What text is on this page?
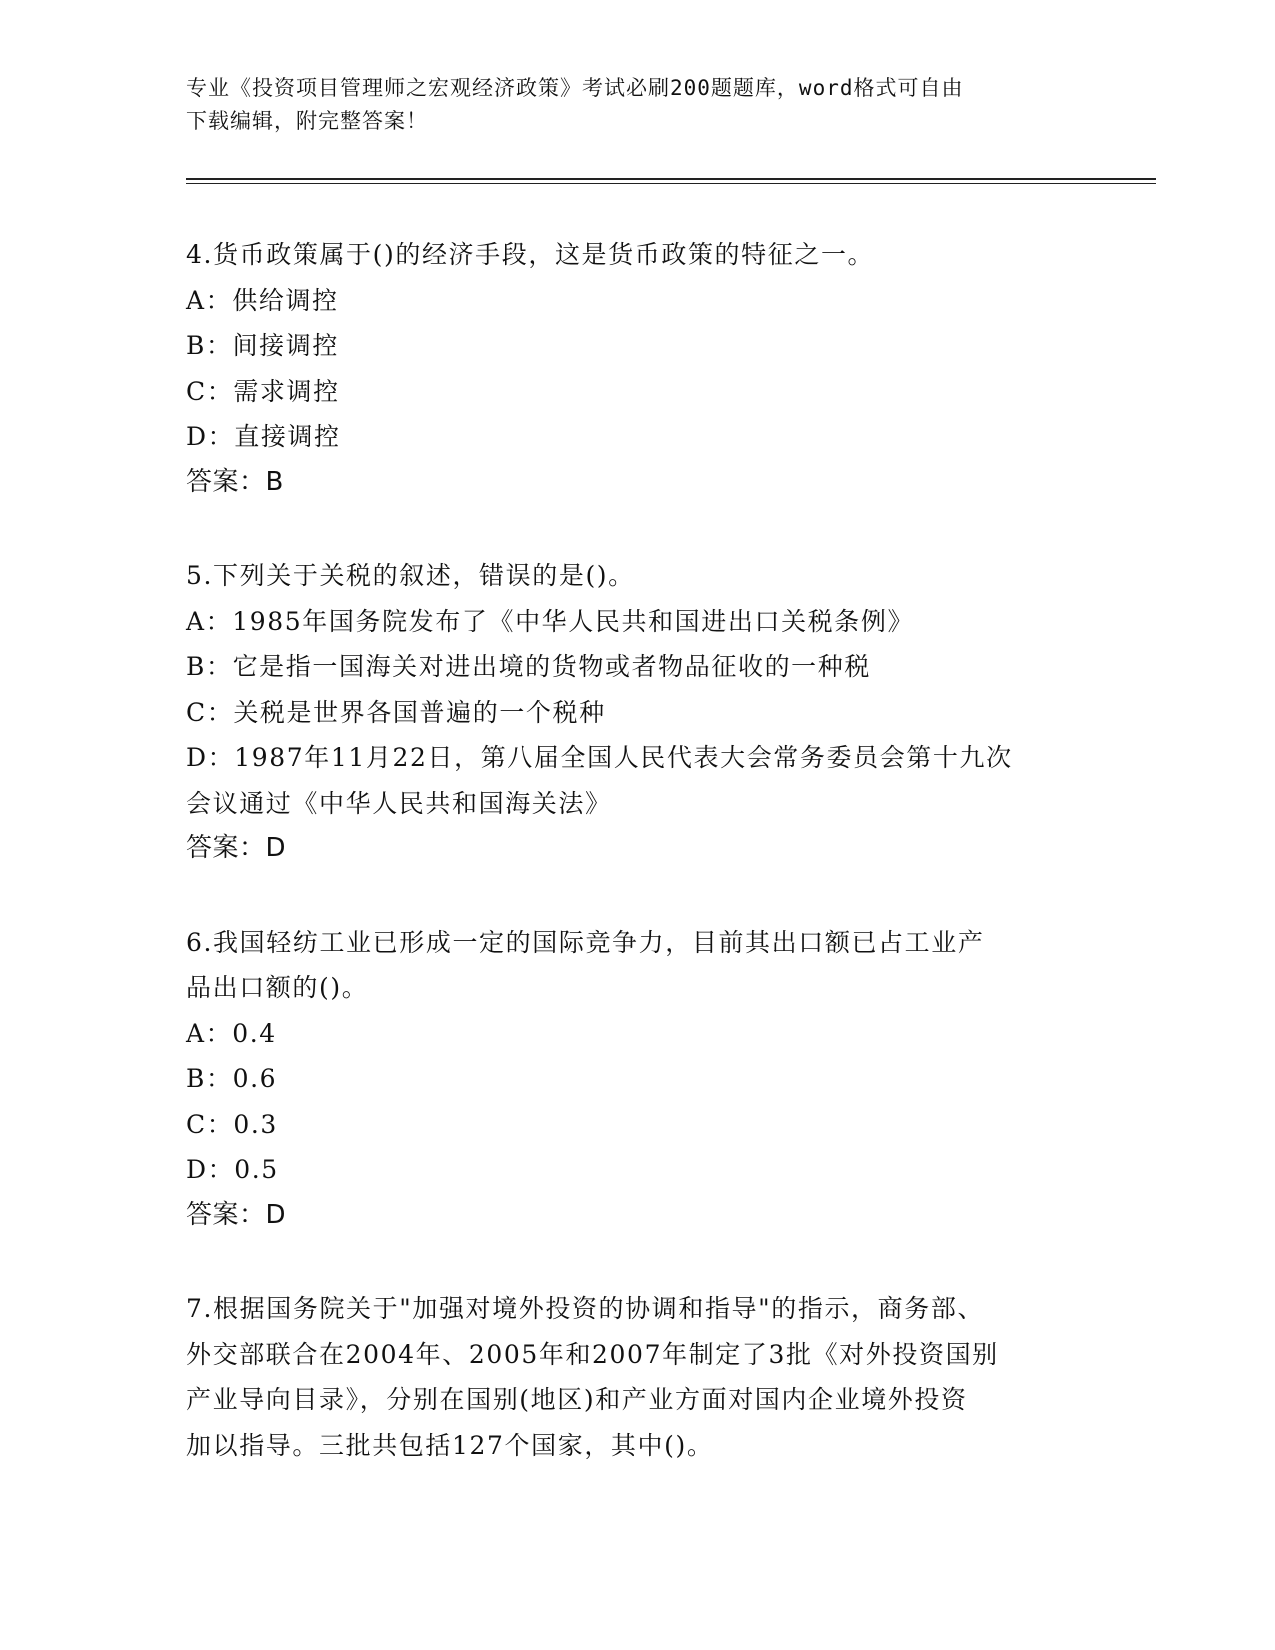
专业《投资项目管理师之宏观经济政策》考试必刷200题题库，word格式可自由
下载编辑，附完整答案！
4.货币政策属于()的经济手段，这是货币政策的特征之一。
A：供给调控
B：间接调控
C：需求调控
D：直接调控
答案：B
5.下列关于关税的叙述，错误的是()。
A：1985年国务院发布了《中华人民共和国进出口关税条例》
B：它是指一国海关对进出境的货物或者物品征收的一种税
C：关税是世界各国普遍的一个税种
D：1987年11月22日，第八届全国人民代表大会常务委员会第十九次
会议通过《中华人民共和国海关法》
答案：D
6.我国轻纺工业已形成一定的国际竞争力，目前其出口额已占工业产
品出口额的()。
A：0.4
B：0.6
C：0.3
D：0.5
答案：D
7.根据国务院关于"加强对境外投资的协调和指导"的指示，商务部、
外交部联合在2004年、2005年和2007年制定了3批《对外投资国别
产业导向目录》，分别在国别(地区)和产业方面对国内企业境外投资
加以指导。三批共包括127个国家，其中()。
